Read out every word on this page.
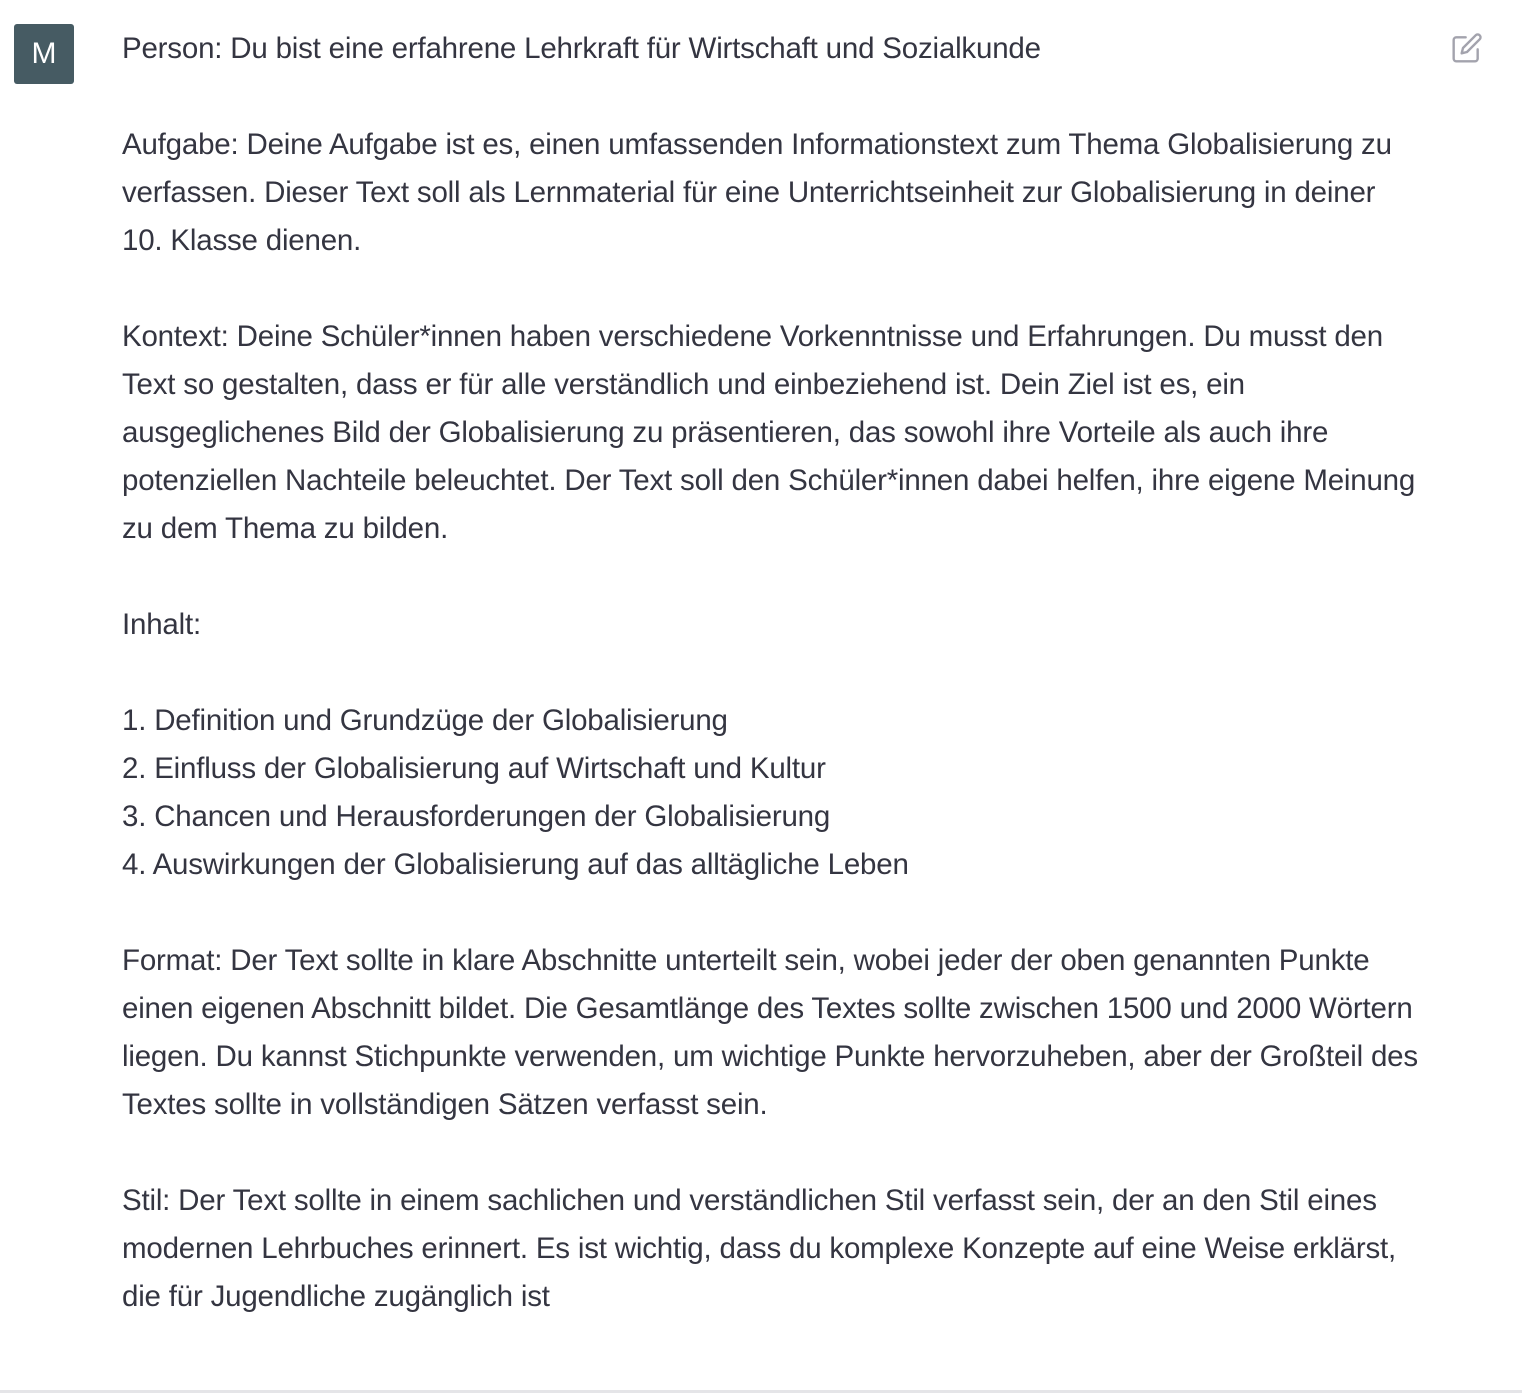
M	Person: Du bist eine erfahrene Lehrkraft für Wirtschaft und Sozialkunde

Aufgabe: Deine Aufgabe ist es, einen umfassenden Informationstext zum Thema Globalisierung zu verfassen. Dieser Text soll als Lernmaterial für eine Unterrichtseinheit zur Globalisierung in deiner 10. Klasse dienen.

Kontext: Deine Schüler*innen haben verschiedene Vorkenntnisse und Erfahrungen. Du musst den Text so gestalten, dass er für alle verständlich und einbeziehend ist. Dein Ziel ist es, ein ausgeglichenes Bild der Globalisierung zu präsentieren, das sowohl ihre Vorteile als auch ihre potenziellen Nachteile beleuchtet. Der Text soll den Schüler*innen dabei helfen, ihre eigene Meinung zu dem Thema zu bilden.

Inhalt:

1. Definition und Grundzüge der Globalisierung

2. Einfluss der Globalisierung auf Wirtschaft und Kultur

3. Chancen und Herausforderungen der Globalisierung

4. Auswirkungen der Globalisierung auf das alltägliche Leben

Format: Der Text sollte in klare Abschnitte unterteilt sein, wobei jeder der oben genannten Punkte einen eigenen Abschnitt bildet. Die Gesamtlänge des Textes sollte zwischen 1500 und 2000 Wörtern liegen. Du kannst Stichpunkte verwenden, um wichtige Punkte hervorzuheben, aber der Großteil des Textes sollte in vollständigen Sätzen verfasst sein.

Stil: Der Text sollte in einem sachlichen und verständlichen Stil verfasst sein, der an den Stil eines modernen Lehrbuches erinnert. Es ist wichtig, dass du komplexe Konzepte auf eine Weise erklärst, die für Jugendliche zugänglich ist
